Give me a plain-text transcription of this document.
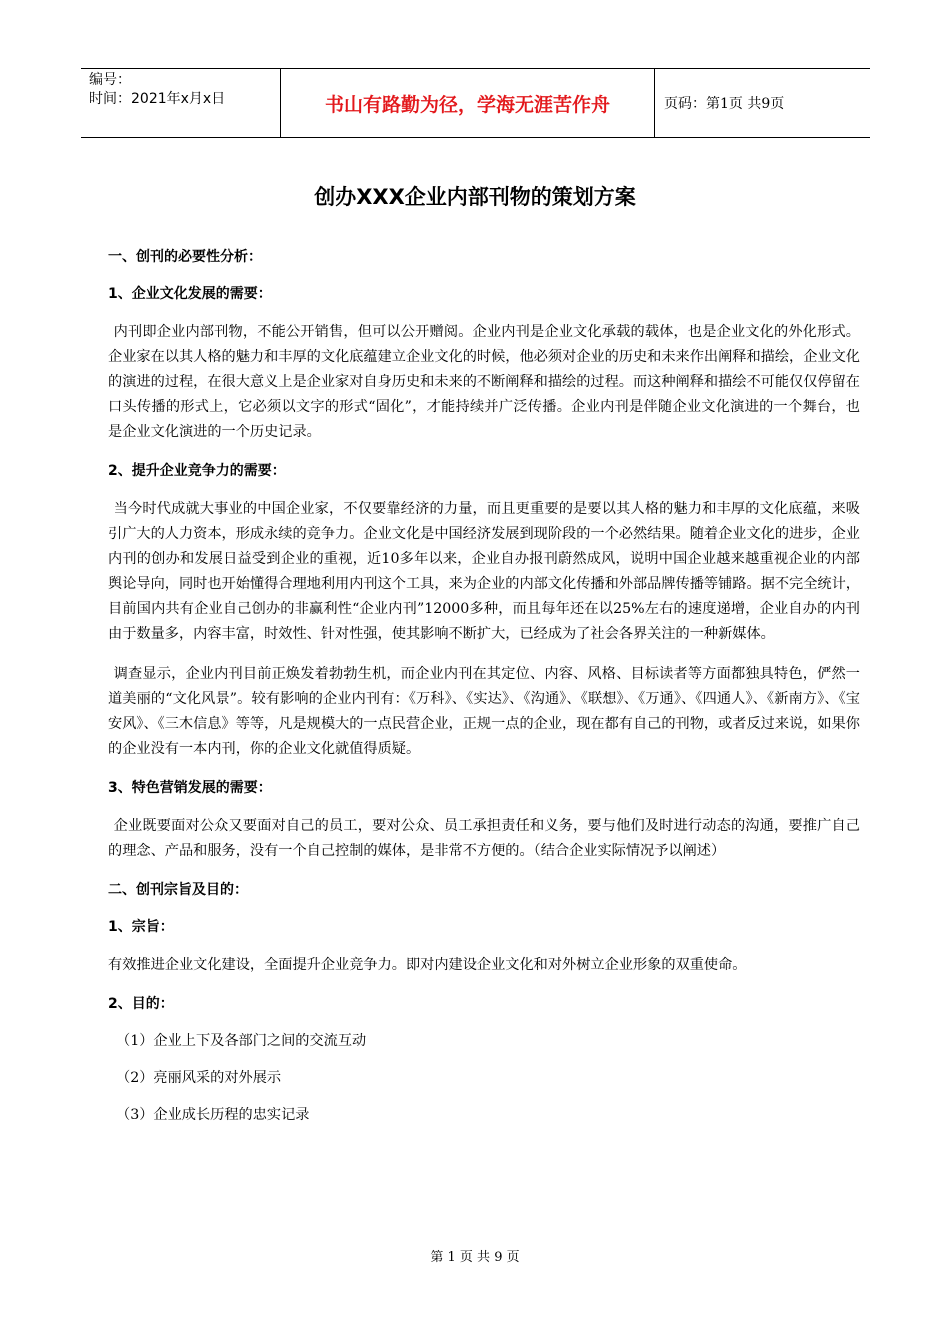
编号：
时间：2021年x月x日	书山有路勤为径，学海无涯苦作舟	页码：第1页 共9页
创办XXX企业内部刊物的策划方案
一、创刊的必要性分析：
1、企业文化发展的需要：
内刊即企业内部刊物，不能公开销售，但可以公开赠阅。企业内刊是企业文化承载的载体，也是企业文化的外化形式。企业家在以其人格的魅力和丰厚的文化底蕴建立企业文化的时候，他必须对企业的历史和未来作出阐释和描绘，企业文化的演进的过程，在很大意义上是企业家对自身历史和未来的不断阐释和描绘的过程。而这种阐释和描绘不可能仅仅停留在口头传播的形式上，它必须以文字的形式“固化”，才能持续并广泛传播。企业内刊是伴随企业文化演进的一个舞台，也是企业文化演进的一个历史记录。
2、提升企业竞争力的需要：
当今时代成就大事业的中国企业家，不仅要靠经济的力量，而且更重要的是要以其人格的魅力和丰厚的文化底蕴，来吸引广大的人力资本，形成永续的竞争力。企业文化是中国经济发展到现阶段的一个必然结果。随着企业文化的进步，企业内刊的创办和发展日益受到企业的重视，近10多年以来，企业自办报刊蔚然成风，说明中国企业越来越重视企业的内部舆论导向，同时也开始懂得合理地利用内刊这个工具，来为企业的内部文化传播和外部品牌传播等铺路。据不完全统计，目前国内共有企业自己创办的非赢利性“企业内刊”12000多种，而且每年还在以25%左右的速度递增，企业自办的内刊由于数量多，内容丰富，时效性、针对性强，使其影响不断扩大，已经成为了社会各界关注的一种新媒体。
调查显示，企业内刊目前正焕发着勃勃生机，而企业内刊在其定位、内容、风格、目标读者等方面都独具特色，俨然一道美丽的“文化风景”。较有影响的企业内刊有：《万科》、《实达》、《沟通》、《联想》、《万通》、《四通人》、《新南方》、《宝安风》、《三木信息》等等，凡是规模大的一点民营企业，正规一点的企业，现在都有自己的刊物，或者反过来说，如果你的企业没有一本内刊，你的企业文化就值得质疑。
3、特色营销发展的需要：
企业既要面对公众又要面对自己的员工，要对公众、员工承担责任和义务，要与他们及时进行动态的沟通，要推广自己的理念、产品和服务，没有一个自己控制的媒体，是非常不方便的。（结合企业实际情况予以阐述）
二、创刊宗旨及目的：
1、宗旨：
有效推进企业文化建设，全面提升企业竞争力。即对内建设企业文化和对外树立企业形象的双重使命。
2、目的：
（1）企业上下及各部门之间的交流互动
（2）亮丽风采的对外展示
（3）企业成长历程的忠实记录
第 1 页 共 9 页
